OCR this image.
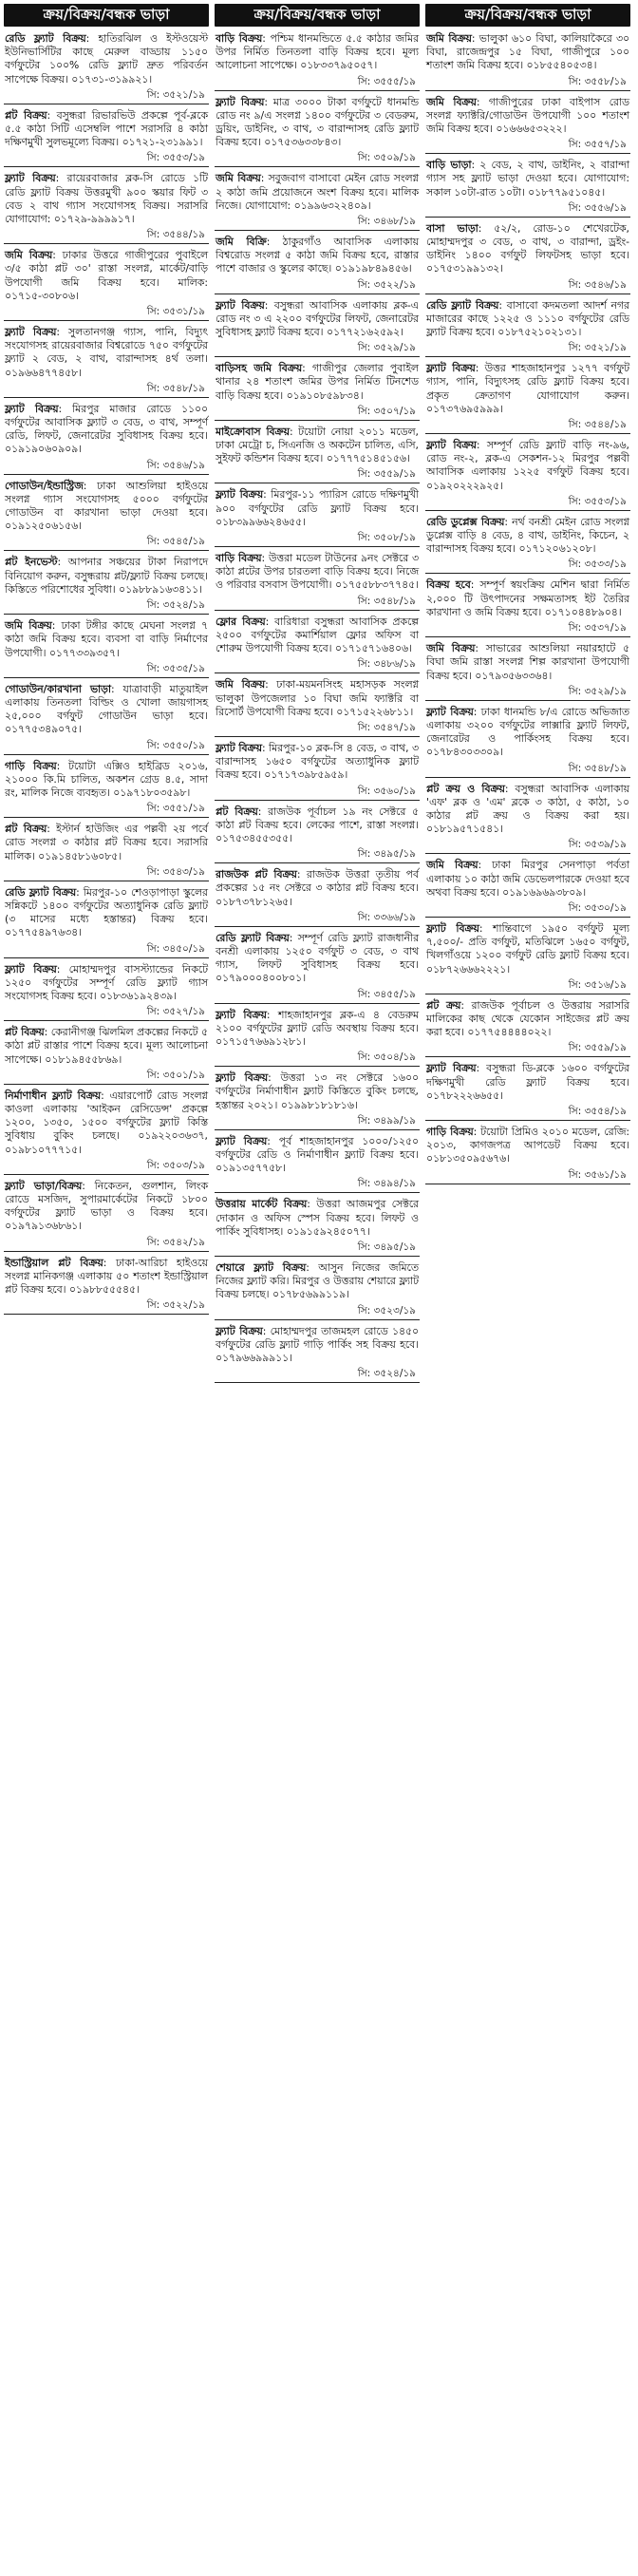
ক্রয়/বিক্রয়/বন্ধক ভাড়া
রেডি ফ্ল্যাট বিক্রয়: হাতিরঝিল ও ইস্টওয়েস্ট ইউনিভার্সিটির কাছে মেরুল বাড্ডায় ১১৫০ বর্গফুটের ১০০% রেডি ফ্ল্যাট দ্রুত পরিবর্তন সাপেক্ষে বিক্রয়। ০১৭৩১-৩১৯৯২১।
সি: ৩৫২১/১৯
প্লট বিক্রয়: বসুন্ধরা রিভারভিউ প্রকল্পে পূর্ব-ব্লকে ৫.৫ কাঠা সিটি এসেম্বলি পাশে সরাসরি ৪ কাঠা দক্ষিণমুখী সুলভমূল্যে বিক্রয়। ০১৭২১-২৩১৯৯১।
সি: ৩৫৫৩/১৯
ফ্ল্যাট বিক্রয়: রায়েরবাজার ব্লক-সি রোডে ১টি রেডি ফ্ল্যাট বিক্রয় উত্তরমুখী ৯০০ স্কয়ার ফিট ৩ বেড ২ বাথ গ্যাস সংযোগসহ বিক্রয়। সরাসরি যোগাযোগ: ০১৭২৯-৯৯৯৯১৭।
সি: ৩৫৪৪/১৯
জমি বিক্রয়: ঢাকার উত্তরে গাজীপুরের পুবাইলে ৩/৫ কাঠা প্লট ৩০' রাস্তা সংলগ্ন, মার্কেট/বাড়ি উপযোগী জমি বিক্রয় হবে। মালিক: ০১৭১৫-৩০৮০৬।
সি: ৩৫৩১/১৯
ফ্ল্যাট বিক্রয়: সুলতানগঞ্জ গ্যাস, পানি, বিদ্যুৎ সংযোগসহ রায়েরবাজার বিশ্বরোডে ৭৫০ বর্গফুটের ফ্ল্যাট ২ বেড, ২ বাথ, বারান্দাসহ ৪র্থ তলা। ০১৯৬৬৪৭৭৪৫৮।
সি: ৩৫৪৮/১৯
ফ্ল্যাট বিক্রয়: মিরপুর মাজার রোডে ১১০০ বর্গফুটের আবাসিক ফ্ল্যাট ৩ বেড, ৩ বাথ, সম্পূর্ণ রেডি, লিফট, জেনারেটর সুবিধাসহ বিক্রয় হবে। ০১৯১৯০৬০৯০৯।
সি: ৩৫৪৬/১৯
গোডাউন/ইন্ডাস্ট্রিজ: ঢাকা আশুলিয়া হাইওয়ে সংলগ্ন গ্যাস সংযোগসহ ৫০০০ বর্গফুটের গোডাউন বা কারখানা ভাড়া দেওয়া হবে। ০১৯১২৫০৬১৫৬।
সি: ৩৫৪৫/১৯
প্লট ইনভেস্ট: আপনার সঞ্চয়ের টাকা নিরাপদে বিনিয়োগ করুন, বসুন্ধরায় প্লট/ফ্ল্যাট বিক্রয় চলছে। কিস্তিতে পরিশোধের সুবিধা। ০১৯৮৮৯১৬৩৪১১।
সি: ৩৫২৪/১৯
জমি বিক্রয়: ঢাকা টঙ্গীর কাছে মেঘনা সংলগ্ন ৭ কাঠা জমি বিক্রয় হবে। ব্যবসা বা বাড়ি নির্মাণের উপযোগী। ০১৭৭৩৩৯৩৫৭।
সি: ৩৫৩৫/১৯
গোডাউন/কারখানা ভাড়া: যাত্রাবাড়ী মাতুয়াইল এলাকায় তিনতলা বিল্ডিং ও খোলা জায়গাসহ ২৫,০০০ বর্গফুট গোডাউন ভাড়া হবে। ০১৭৭৫৩৪৯০৭৫।
সি: ৩৫৫০/১৯
গাড়ি বিক্রয়: টয়োটা এক্সিও হাইব্রিড ২০১৬, ২১০০০ কি.মি চালিত, অকশন গ্রেড ৪.৫, সাদা রং, মালিক নিজে ব্যবহৃত। ০১৯৭১৮০৩৫৯৮।
সি: ৩৫৫১/১৯
প্লট বিক্রয়: ইস্টার্ন হাউজিং এর পল্লবী ২য় পর্বে রোড সংলগ্ন ৩ কাঠার প্লট বিক্রয় হবে। সরাসরি মালিক। ০১৯১৪৫৮১৬০৮৫।
সি: ৩৫৪৩/১৯
রেডি ফ্ল্যাট বিক্রয়: মিরপুর-১০ শেওড়াপাড়া স্কুলের সন্নিকটে ১৪০০ বর্গফুটের অত্যাধুনিক রেডি ফ্ল্যাট (৩ মাসের মধ্যে হস্তান্তর) বিক্রয় হবে। ০১৭৭৫৪৯৭৬৩৪।
সি: ৩৪৫০/১৯
ফ্ল্যাট বিক্রয়: মোহাম্মদপুর বাসস্ট্যান্ডের নিকটে ১২৫০ বর্গফুটের সম্পূর্ণ রেডি ফ্ল্যাট গ্যাস সংযোগসহ বিক্রয় হবে। ০১৮৩৬১৯২৪৩৯।
সি: ৩৫২৭/১৯
প্লট বিক্রয়: কেরানীগঞ্জ ঝিলমিল প্রকল্পের নিকটে ৫ কাঠা প্লট রাস্তার পাশে বিক্রয় হবে। মূল্য আলোচনা সাপেক্ষে। ০১৮১৯৪৫৫৮৬৯।
সি: ৩৫০১/১৯
নির্মাণাধীন ফ্ল্যাট বিক্রয়: এয়ারপোর্ট রোড সংলগ্ন কাওলা এলাকায় 'আইকন রেসিডেন্স' প্রকল্পে ১২০০, ১৩৫০, ১৫০০ বর্গফুটের ফ্ল্যাট কিস্তি সুবিধায় বুকিং চলছে। ০১৯২২০৩৬৩৭, ০১৯৮১০৭৭৭১৫।
সি: ৩৫০৩/১৯
ফ্ল্যাট ভাড়া/বিক্রয়: নিকেতন, গুলশান, লিংক রোডে মসজিদ, সুপারমার্কেটের নিকটে ১৮০০ বর্গফুটের ফ্ল্যাট ভাড়া ও বিক্রয় হবে। ০১৯৭৯১৩৬৮৬১।
সি: ৩৫৪২/১৯
ইন্ডাস্ট্রিয়াল প্লট বিক্রয়: ঢাকা-আরিচা হাইওয়ে সংলগ্ন মানিকগঞ্জ এলাকায় ৫০ শতাংশ ইন্ডাস্ট্রিয়াল প্লট বিক্রয় হবে। ০১৯৮৮৫৫৫৪৫।
সি: ৩৫২২/১৯
ক্রয়/বিক্রয়/বন্ধক ভাড়া
বাড়ি বিক্রয়: পশ্চিম ধানমন্ডিতে ৫.৫ কাঠার জমির উপর নির্মিত তিনতলা বাড়ি বিক্রয় হবে। মূল্য আলোচনা সাপেক্ষে। ০১৮৩৩৭৯৫০৫৭।
সি: ৩৫৫৫/১৯
ফ্ল্যাট বিক্রয়: মাত্র ৩০০০ টাকা বর্গফুটে ধানমন্ডি রোড নং ৯/এ সংলগ্ন ১৪০০ বর্গফুটের ৩ বেডরুম, ড্রয়িং, ডাইনিং, ৩ বাথ, ৩ বারান্দাসহ রেডি ফ্ল্যাট বিক্রয় হবে। ০১৭৫৩৬৩৩৮৪৩।
সি: ৩৫০৯/১৯
জমি বিক্রয়: সবুজবাগ বাসাবো মেইন রোড সংলগ্ন ২ কাঠা জমি প্রয়োজনে অংশ বিক্রয় হবে। মালিক নিজে। যোগাযোগ: ০১৯৯৬৩২২৪০৯।
সি: ৩৪৬৮/১৯
জমি বিক্রি: ঠাকুরগাঁও আবাসিক এলাকায় বিশ্বরোড সংলগ্ন ৫ কাঠা জমি বিক্রয় হবে, রাস্তার পাশে বাজার ও স্কুলের কাছে। ০১৯১৯৮৪৯৪৫৬।
সি: ৩৫২২/১৯
ফ্ল্যাট বিক্রয়: বসুন্ধরা আবাসিক এলাকায় ব্লক-এ রোড নং ৩ এ ২২০০ বর্গফুটের লিফট, জেনারেটর সুবিধাসহ ফ্ল্যাট বিক্রয় হবে। ০১৭৭২১৬২৫৯২।
সি: ৩৫২৯/১৯
বাড়িসহ জমি বিক্রয়: গাজীপুর জেলার পুবাইল থানার ২৪ শতাংশ জমির উপর নির্মিত টিনশেড বাড়ি বিক্রয় হবে। ০১৯১০৮৫৯৮৩৪।
সি: ৩৫০৭/১৯
মাইক্রোবাস বিক্রয়: টয়োটা নোয়া ২০১১ মডেল, ঢাকা মেট্রো চ, সিএনজি ও অকটেন চালিত, এসি, সুইফট কন্ডিশন বিক্রয় হবে। ০১৭৭৭৫১৪৫১৫৬।
সি: ৩৫৫৯/১৯
ফ্ল্যাট বিক্রয়: মিরপুর-১১ প্যারিস রোডে দক্ষিণমুখী ৯০০ বর্গফুটের রেডি ফ্ল্যাট বিক্রয় হবে। ০১৮৩৯৯৬৬২৪৬৫৫।
সি: ৩৫০৮/১৯
বাড়ি বিক্রয়: উত্তরা মডেল টাউনের ৯নং সেক্টরে ৩ কাঠা প্লটের উপর চারতলা বাড়ি বিক্রয় হবে। নিজে ও পরিবার বসবাস উপযোগী। ০১৭৫৫৮৮৩৭৭৪৫।
সি: ৩৫৪৮/১৯
ফ্লোর বিক্রয়: বারিধারা বসুন্ধরা আবাসিক প্রকল্পে ২৫০০ বর্গফুটের কমার্শিয়াল ফ্লোর অফিস বা শোরুম উপযোগী বিক্রয় হবে। ০১৭১৫৭১৬৪০৬।
সি: ৩৪৮৬/১৯
জমি বিক্রয়: ঢাকা-ময়মনসিংহ মহাসড়ক সংলগ্ন ভালুকা উপজেলার ১০ বিঘা জমি ফ্যাক্টরি বা রিসোর্ট উপযোগী বিক্রয় হবে। ০১৭১৫২২৬৮১১।
সি: ৩৫৪৭/১৯
ফ্ল্যাট বিক্রয়: মিরপুর-১০ ব্লক-সি ৪ বেড, ৩ বাথ, ৩ বারান্দাসহ ১৬৫০ বর্গফুটের অত্যাধুনিক ফ্ল্যাট বিক্রয় হবে। ০১৭১৭৩৯৮৫৯৫৯।
সি: ৩৫৬০/১৯
প্লট বিক্রয়: রাজউক পূর্বাচল ১৯ নং সেক্টরে ৫ কাঠা প্লট বিক্রয় হবে। লেকের পাশে, রাস্তা সংলগ্ন। ০১৭৫৩৪৫৫৩৫৫।
সি: ৩৪৯৫/১৯
রাজউক প্লট বিক্রয়: রাজউক উত্তরা তৃতীয় পর্ব প্রকল্পের ১৫ নং সেক্টরে ৩ কাঠার প্লট বিক্রয় হবে। ০১৮৭৩৭৮১২৬৫।
সি: ৩৩৬৬/১৯
রেডি ফ্ল্যাট বিক্রয়: সম্পূর্ণ রেডি ফ্ল্যাট রাজধানীর বনশ্রী এলাকায় ১২৫০ বর্গফুট ৩ বেড, ৩ বাথ গ্যাস, লিফট সুবিধাসহ বিক্রয় হবে। ০১৭৯০০০৪০০৮০১।
সি: ৩৪৫৫/১৯
ফ্ল্যাট বিক্রয়: শাহজাহানপুর ব্লক-এ ৪ বেডরুম ২১০০ বর্গফুটের ফ্ল্যাট রেডি অবস্থায় বিক্রয় হবে। ০১৭১৫৭৬৬৯১২৮১।
সি: ৩৫০৪/১৯
ফ্ল্যাট বিক্রয়: উত্তরা ১৩ নং সেক্টরে ১৬০০ বর্গফুটের নির্মাণাধীন ফ্ল্যাট কিস্তিতে বুকিং চলছে, হস্তান্তর ২০২১। ০১৯৯৮১৮১৮১৬।
সি: ৩৪৯৯/১৯
ফ্ল্যাট বিক্রয়: পূর্ব শাহজাহানপুর ১০০০/১২৫০ বর্গফুটের রেডি ও নির্মাণাধীন ফ্ল্যাট বিক্রয় হবে। ০১৯১৩৫৭৭৫৮।
সি: ৩৪৯৪/১৯
উত্তরায় মার্কেট বিক্রয়: উত্তরা আজমপুর সেক্টরে দোকান ও অফিস স্পেস বিক্রয় হবে। লিফট ও পার্কিং সুবিধাসহ। ০১৯১৫৯২৪৫০৭৭।
সি: ৩৪৯৫/১৯
শেয়ারে ফ্ল্যাট বিক্রয়: আসুন নিজের জমিতে নিজের ফ্ল্যাট করি। মিরপুর ও উত্তরায় শেয়ারে ফ্ল্যাট বিক্রয় চলছে। ০১৭৮৫৬৯৯১১৯।
সি: ৩৫২৩/১৯
ফ্ল্যাট বিক্রয়: মোহাম্মদপুর তাজমহল রোডে ১৪৫০ বর্গফুটের রেডি ফ্ল্যাট গাড়ি পার্কিং সহ বিক্রয় হবে। ০১৭৯৬৬৯৯৯১১।
সি: ৩৫২৪/১৯
ক্রয়/বিক্রয়/বন্ধক ভাড়া
জমি বিক্রয়: ভালুকা ৬১০ বিঘা, কালিয়াকৈরে ৩০ বিঘা, রাজেন্দ্রপুর ১৫ বিঘা, গাজীপুরে ১০০ শতাংশ জমি বিক্রয় হবে। ০১৮৫৫৪০৫৩৪।
সি: ৩৫৫৮/১৯
জমি বিক্রয়: গাজীপুরের ঢাকা বাইপাস রোড সংলগ্ন ফ্যাক্টরি/গোডাউন উপযোগী ১০০ শতাংশ জমি বিক্রয় হবে। ০১৬৬৬৫৩২২২।
সি: ৩৫৫৭/১৯
বাড়ি ভাড়া: ২ বেড, ২ বাথ, ডাইনিং, ২ বারান্দা গ্যাস সহ ফ্ল্যাট ভাড়া দেওয়া হবে। যোগাযোগ: সকাল ১০টা-রাত ১০টা। ০১৮৭৭৯৫১০৪৫।
সি: ৩৫৫৬/১৯
বাসা ভাড়া: ৫২/২, রোড-১০ শেখেরটেক, মোহাম্মদপুর ৩ বেড, ৩ বাথ, ৩ বারান্দা, ড্রইং-ডাইনিং ১৪০০ বর্গফুট লিফটসহ ভাড়া হবে। ০১৭৫৩১৯৯১৩২।
সি: ৩৫৪৬/১৯
রেডি ফ্ল্যাট বিক্রয়: বাসাবো কদমতলা আদর্শ নগর মাজারের কাছে ১২২৫ ও ১১১০ বর্গফুটের রেডি ফ্ল্যাট বিক্রয় হবে। ০১৮৭৫২১০২১৩১।
সি: ৩৫২১/১৯
ফ্ল্যাট বিক্রয়: উত্তর শাহজাহানপুর ১২৭৭ বর্গফুট গ্যাস, পানি, বিদ্যুৎসহ রেডি ফ্ল্যাট বিক্রয় হবে। প্রকৃত ক্রেতাগণ যোগাযোগ করুন। ০১৭৩৭৬৯৫৯৯৯।
সি: ৩৫৪৪/১৯
ফ্ল্যাট বিক্রয়: সম্পূর্ণ রেডি ফ্ল্যাট বাড়ি নং-৯৬, রোড নং-২, ব্লক-এ সেকশন-১২ মিরপুর পল্লবী আবাসিক এলাকায় ১২২৫ বর্গফুট বিক্রয় হবে। ০১৯২০২২২৯২৫।
সি: ৩৫৫৩/১৯
রেডি ডুপ্লেক্স বিক্রয়: নর্থ বনশ্রী মেইন রোড সংলগ্ন ডুপ্লেক্স বাড়ি ৪ বেড, ৪ বাথ, ডাইনিং, কিচেন, ২ বারান্দাসহ বিক্রয় হবে। ০১৭১২০৬১২০৮।
সি: ৩৫৩৩/১৯
বিক্রয় হবে: সম্পূর্ণ স্বয়ংক্রিয় মেশিন দ্বারা নির্মিত ২,০০০ টি উৎপাদনের সক্ষমতাসহ ইট তৈরির কারখানা ও জমি বিক্রয় হবে। ০১৭১০৪৪৮৯০৪।
সি: ৩৫৩৭/১৯
জমি বিক্রয়: সাভারের আশুলিয়া নয়ারহাটে ৫ বিঘা জমি রাস্তা সংলগ্ন শিল্প কারখানা উপযোগী বিক্রয় হবে। ০১৭৯৩৫৬৩৩৬৪।
সি: ৩৫২৯/১৯
ফ্ল্যাট বিক্রয়: ঢাকা ধানমন্ডি ৮/এ রোডে অভিজাত এলাকায় ৩২০০ বর্গফুটের লাক্সারি ফ্ল্যাট লিফট, জেনারেটর ও পার্কিংসহ বিক্রয় হবে। ০১৭৮৪৩০৩৩০৯।
সি: ৩৫৪৮/১৯
প্লট ক্রয় ও বিক্রয়: বসুন্ধরা আবাসিক এলাকায় 'এফ' ব্লক ও 'এম' ব্লকে ৩ কাঠা, ৫ কাঠা, ১০ কাঠার প্লট ক্রয় ও বিক্রয় করা হয়। ০১৮১৯৫৭১৫৪১।
সি: ৩৫৩৯/১৯
জমি বিক্রয়: ঢাকা মিরপুর সেনপাড়া পর্বতা এলাকায় ১০ কাঠা জমি ডেভেলপারকে দেওয়া হবে অথবা বিক্রয় হবে। ০১৯১৬৯৬৯৩৮০৯।
সি: ৩৫৩০/১৯
ফ্ল্যাট বিক্রয়: শান্তিবাগে ১৯৫০ বর্গফুট মূল্য ৭,৫০০/- প্রতি বর্গফুট, মতিঝিলে ১৬৫০ বর্গফুট, খিলগাঁওয়ে ১২০০ বর্গফুট রেডি ফ্ল্যাট বিক্রয় হবে। ০১৮৭২৬৬৬২২২১।
সি: ৩৫১৬/১৯
প্লট ক্রয়: রাজউক পূর্বাচল ও উত্তরায় সরাসরি মালিকের কাছ থেকে যেকোন সাইজের প্লট ক্রয় করা হবে। ০১৭৭৫৪৪৪৪০২২।
সি: ৩৫৫৯/১৯
ফ্ল্যাট বিক্রয়: বসুন্ধরা ডি-ব্লকে ১৬০০ বর্গফুটের দক্ষিণমুখী রেডি ফ্ল্যাট বিক্রয় হবে। ০১৭৮২২২৬৬৫৫।
সি: ৩৫৫৪/১৯
গাড়ি বিক্রয়: টয়োটা প্রিমিও ২০১০ মডেল, রেজি: ২০১৩, কাগজপত্র আপডেট বিক্রয় হবে। ০১৮১৩৫০৯৫৬৭৬।
সি: ৩৫৬১/১৯
